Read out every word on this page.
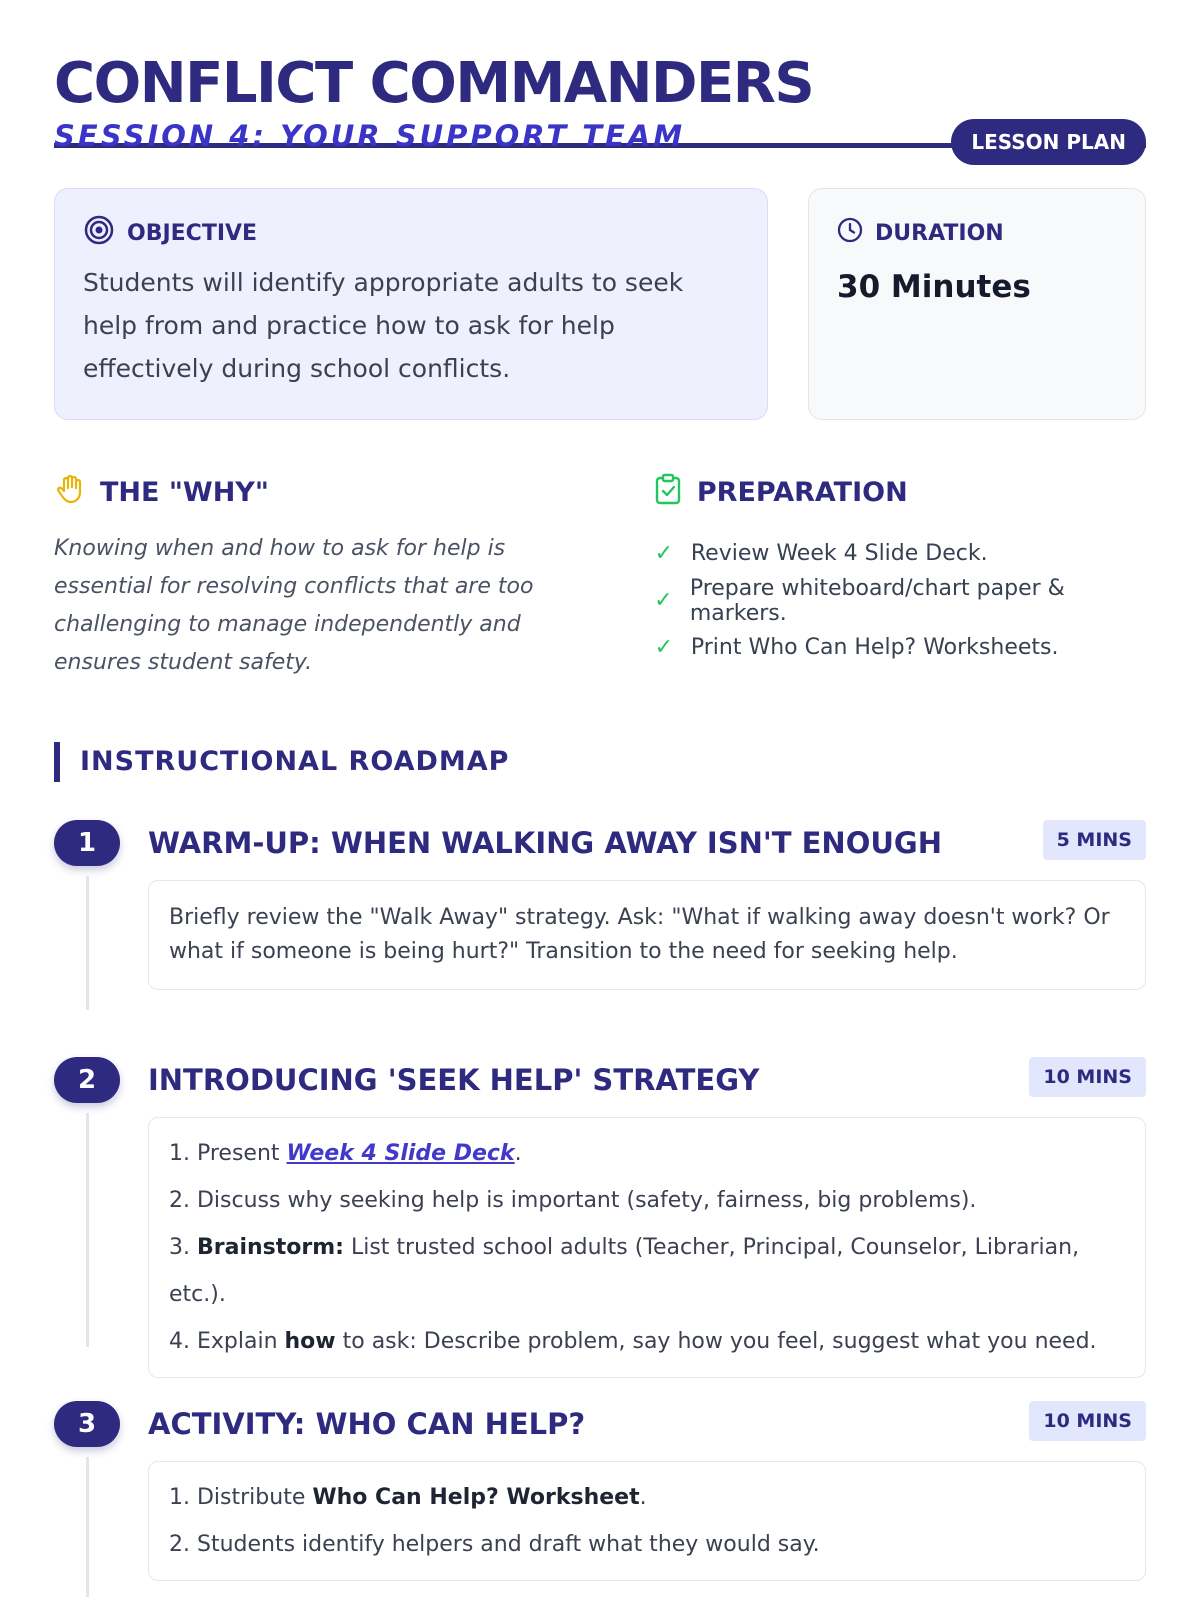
CONFLICT COMMANDERS
SESSION 4: YOUR SUPPORT TEAM	LESSON PLAN
OBJECTIVE
Students will identify appropriate adults to seek help from and practice how to ask for help effectively during school conflicts.
DURATION
30 Minutes
THE "WHY"
Knowing when and how to ask for help is essential for resolving conflicts that are too challenging to manage independently and ensures student safety.
PREPARATION
✓ Review Week 4 Slide Deck.
✓ Prepare whiteboard/chart paper & markers.
✓ Print Who Can Help? Worksheets.
INSTRUCTIONAL ROADMAP
1	WARM-UP: WHEN WALKING AWAY ISN'T ENOUGH	5 MINS

Briefly review the "Walk Away" strategy. Ask: "What if walking away doesn't work? Or what if someone is being hurt?" Transition to the need for seeking help.

2	INTRODUCING 'SEEK HELP' STRATEGY	10 MINS
1. Present Week 4 Slide Deck.
2. Discuss why seeking help is important (safety, fairness, big problems).
3. Brainstorm: List trusted school adults (Teacher, Principal, Counselor, Librarian, etc.).
4. Explain how to ask: Describe problem, say how you feel, suggest what you need.
3	ACTIVITY: WHO CAN HELP?	10 MINS
1. Distribute Who Can Help? Worksheet.
2. Students identify helpers and draft what they would say.
